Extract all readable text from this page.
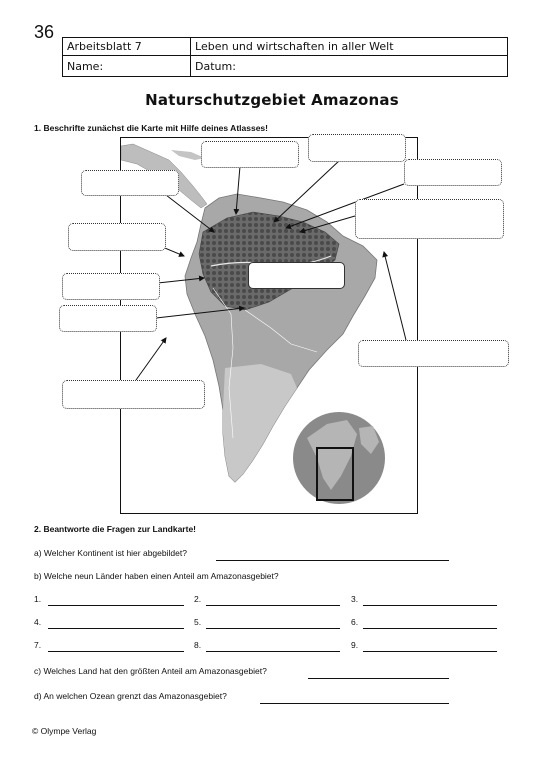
36
Arbeitsblatt 7	Leben und wirtschaften in aller Welt
Name:	Datum:
Naturschutzgebiet Amazonas
1. Beschrifte zunächst die Karte mit Hilfe deines Atlasses!
2. Beantworte die Fragen zur Landkarte!
a) Welcher Kontinent ist hier abgebildet?
b) Welche neun Länder haben einen Anteil am Amazonasgebiet?
1.	2.	3.
4.	5.	6.
7.	8.	9.
c) Welches Land hat den größten Anteil am Amazonasgebiet?
d) An welchen Ozean grenzt das Amazonasgebiet?
© Olympe Verlag
